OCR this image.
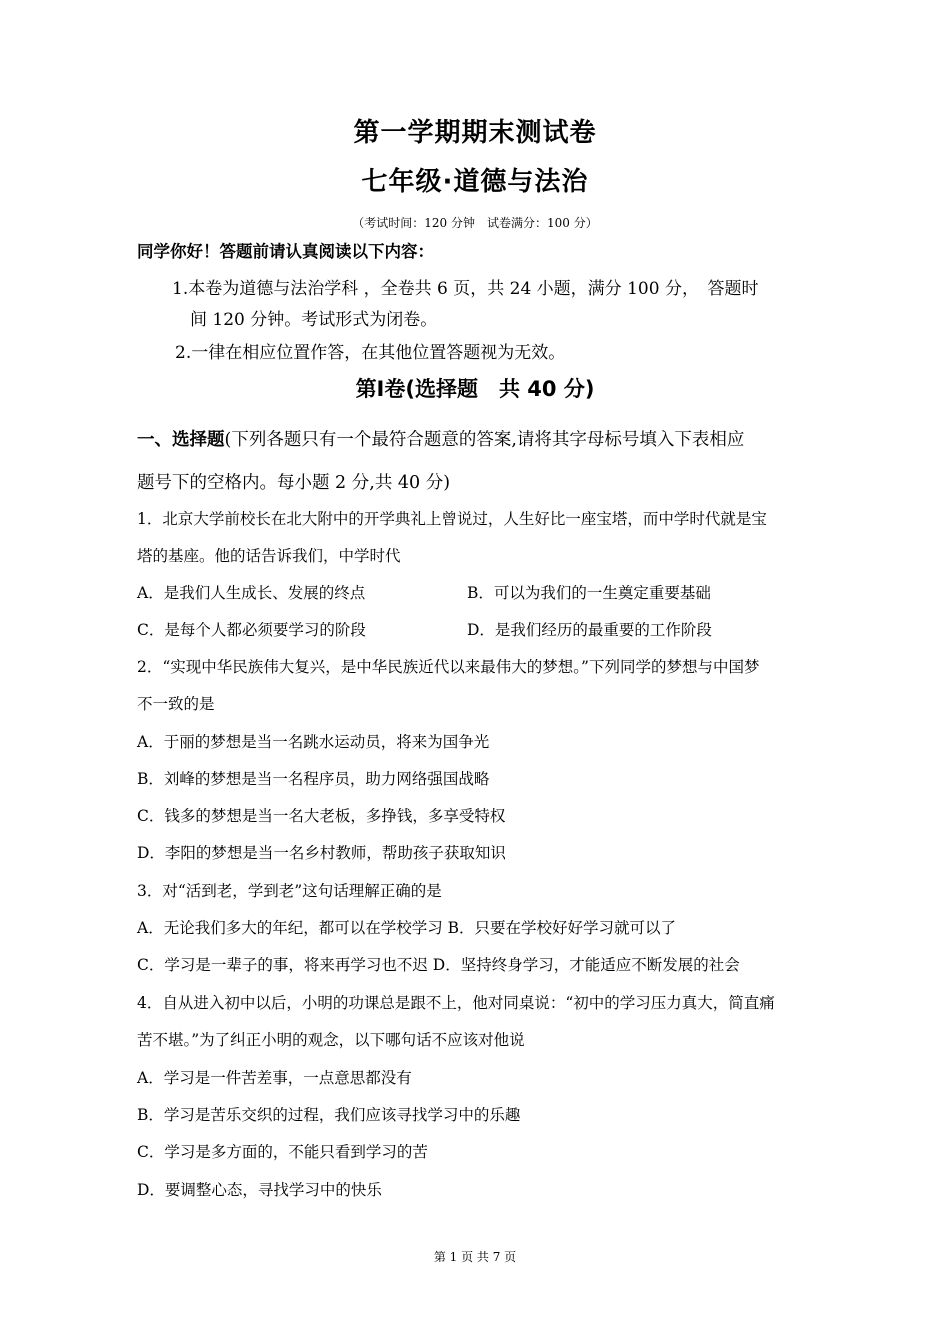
第一学期期末测试卷
七年级·道德与法治
（考试时间：120 分钟　试卷满分：100 分）
同学你好！答题前请认真阅读以下内容：
1.本卷为道德与法治学科 ，全卷共 6 页，共 24 小题，满分 100 分，　答题时
间 120 分钟。考试形式为闭卷。
2.一律在相应位置作答，在其他位置答题视为无效。
第Ⅰ卷(选择题　共 40 分)
一、选择题(下列各题只有一个最符合题意的答案,请将其字母标号填入下表相应
题号下的空格内。每小题 2 分,共 40 分)
1．北京大学前校长在北大附中的开学典礼上曾说过，人生好比一座宝塔，而中学时代就是宝
塔的基座。他的话告诉我们，中学时代
A．是我们人生成长、发展的终点	B．可以为我们的一生奠定重要基础
C．是每个人都必须要学习的阶段	D．是我们经历的最重要的工作阶段
2．“实现中华民族伟大复兴，是中华民族近代以来最伟大的梦想。”下列同学的梦想与中国梦
不一致的是
A．于丽的梦想是当一名跳水运动员，将来为国争光
B．刘峰的梦想是当一名程序员，助力网络强国战略
C．钱多的梦想是当一名大老板，多挣钱，多享受特权
D．李阳的梦想是当一名乡村教师，帮助孩子获取知识
3．对“活到老，学到老”这句话理解正确的是
A．无论我们多大的年纪，都可以在学校学习 B．只要在学校好好学习就可以了
C．学习是一辈子的事，将来再学习也不迟 D．坚持终身学习，才能适应不断发展的社会
4．自从进入初中以后，小明的功课总是跟不上，他对同桌说：“初中的学习压力真大，简直痛
苦不堪。”为了纠正小明的观念，以下哪句话不应该对他说
A．学习是一件苦差事，一点意思都没有
B．学习是苦乐交织的过程，我们应该寻找学习中的乐趣
C．学习是多方面的，不能只看到学习的苦
D．要调整心态，寻找学习中的快乐
第 1 页 共 7 页
